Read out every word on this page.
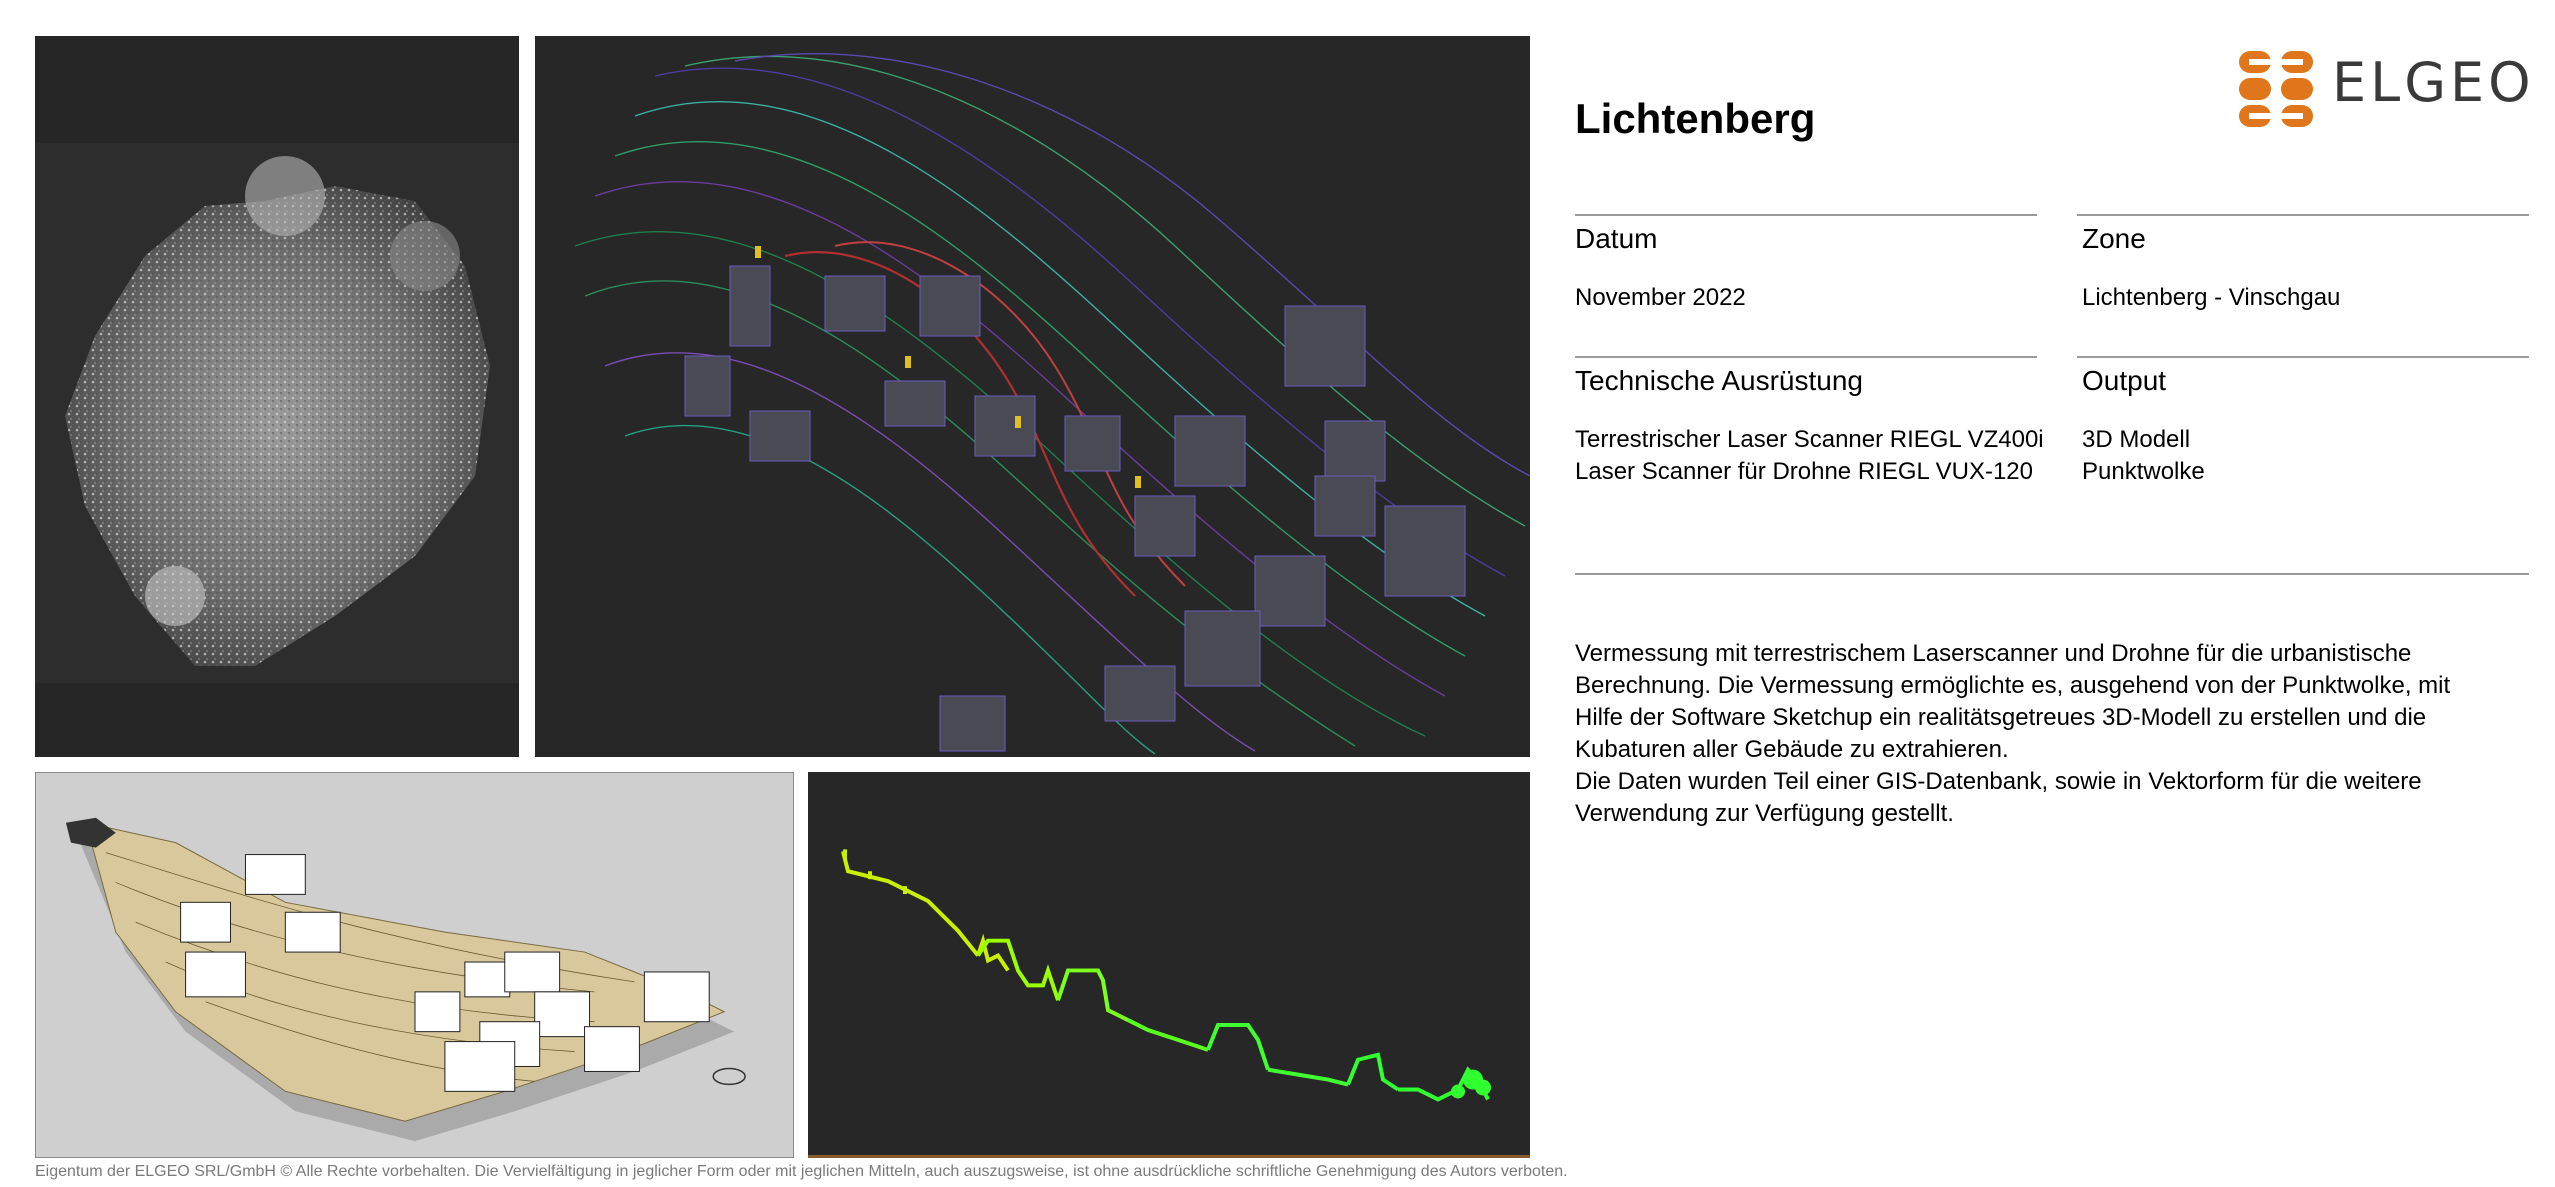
ELGEO
Lichtenberg
Datum
November 2022
Zone
Lichtenberg - Vinschgau
Technische Ausrüstung
Terrestrischer Laser Scanner RIEGL VZ400i
Laser Scanner für Drohne RIEGL VUX-120
Output
3D Modell
Punktwolke

Vermessung mit terrestrischem Laserscanner und Drohne für die urbanistische Berechnung. Die Vermessung ermöglichte es, ausgehend von der Punktwolke, mit Hilfe der Software Sketchup ein realitätsgetreues 3D-Modell zu erstellen und die Kubaturen aller Gebäude zu extrahieren.

Die Daten wurden Teil einer GIS-Datenbank, sowie in Vektorform für die weitere Verwendung zur Verfügung gestellt.

Eigentum der ELGEO SRL/GmbH © Alle Rechte vorbehalten. Die Vervielfältigung in jeglicher Form oder mit jeglichen Mitteln, auch auszugsweise, ist ohne ausdrückliche schriftliche Genehmigung des Autors verboten.
